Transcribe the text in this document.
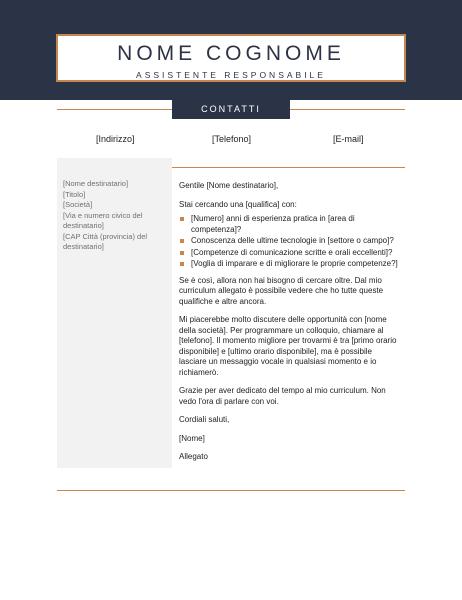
NOME COGNOME
ASSISTENTE RESPONSABILE
CONTATTI
[Indirizzo]	[Telefono]	[E-mail]
[Nome destinatario]
[Titolo]
[Società]
[Via e numero civico del destinatario]
[CAP Città (provincia) del destinatario]

Gentile [Nome destinatario],

Stai cercando una [qualifica] con:

[Numero] anni di esperienza pratica in [area di competenza]?
Conoscenza delle ultime tecnologie in [settore o campo]?
[Competenze di comunicazione scritte e orali eccellenti]?
[Voglia di imparare e di migliorare le proprie competenze?]

Se è così, allora non hai bisogno di cercare oltre. Dal mio curriculum allegato è possibile vedere che ho tutte queste qualifiche e altre ancora.

Mi piacerebbe molto discutere delle opportunità con [nome della società]. Per programmare un colloquio, chiamare al [telefono]. Il momento migliore per trovarmi è tra [primo orario disponibile] e [ultimo orario disponibile], ma è possibile lasciare un messaggio vocale in qualsiasi momento e io richiamerò.

Grazie per aver dedicato del tempo al mio curriculum. Non vedo l'ora di parlare con voi.

Cordiali saluti,

[Nome]

Allegato
